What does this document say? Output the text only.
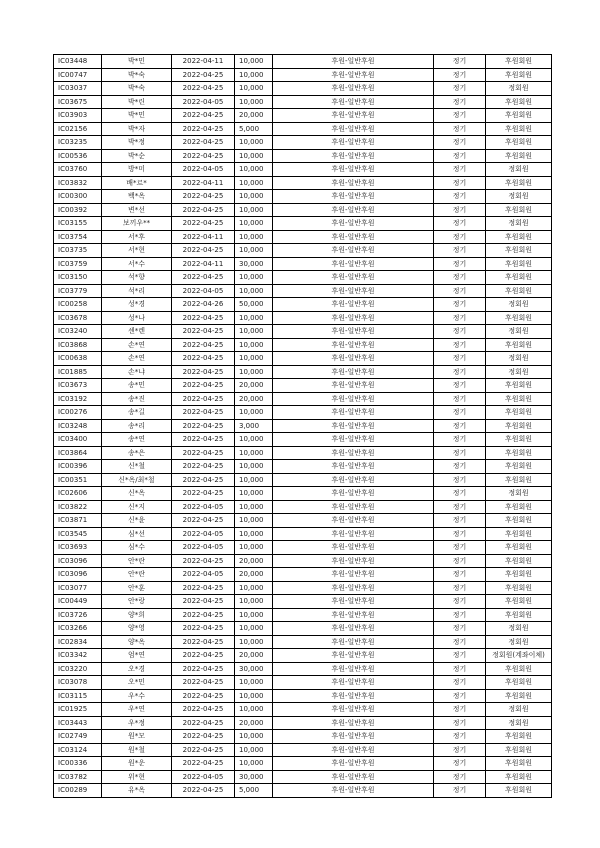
IC03448	박*민	2022-04-11	10,000	후원-일반후원	정기	후원회원
IC00747	박*숙	2022-04-25	10,000	후원-일반후원	정기	후원회원
IC03037	박*숙	2022-04-25	10,000	후원-일반후원	정기	정회원
IC03675	박*린	2022-04-05	10,000	후원-일반후원	정기	후원회원
IC03903	박*민	2022-04-25	20,000	후원-일반후원	정기	후원회원
IC02156	박*자	2022-04-25	5,000	후원-일반후원	정기	후원회원
IC03235	박*정	2022-04-25	10,000	후원-일반후원	정기	후원회원
IC00536	박*순	2022-04-25	10,000	후원-일반후원	정기	후원회원
IC03760	방*미	2022-04-05	10,000	후원-일반후원	정기	정회원
IC03832	배*르*	2022-04-11	10,000	후원-일반후원	정기	후원회원
IC00300	백*옥	2022-04-25	10,000	후원-일반후원	정기	정회원
IC00392	변*선	2022-04-25	10,000	후원-일반후원	정기	후원회원
IC03155	보끼우**	2022-04-25	10,000	후원-일반후원	정기	정회원
IC03754	서*후	2022-04-11	10,000	후원-일반후원	정기	후원회원
IC03735	서*현	2022-04-25	10,000	후원-일반후원	정기	후원회원
IC03759	서*수	2022-04-11	30,000	후원-일반후원	정기	후원회원
IC03150	석*향	2022-04-25	10,000	후원-일반후원	정기	후원회원
IC03779	석*리	2022-04-05	10,000	후원-일반후원	정기	후원회원
IC00258	성*경	2022-04-26	50,000	후원-일반후원	정기	정회원
IC03678	성*나	2022-04-25	10,000	후원-일반후원	정기	후원회원
IC03240	센*렌	2022-04-25	10,000	후원-일반후원	정기	정회원
IC03868	손*연	2022-04-25	10,000	후원-일반후원	정기	후원회원
IC00638	손*연	2022-04-25	10,000	후원-일반후원	정기	정회원
IC01885	손*냐	2022-04-25	10,000	후원-일반후원	정기	정회원
IC03673	송*민	2022-04-25	20,000	후원-일반후원	정기	후원회원
IC03192	송*진	2022-04-25	20,000	후원-일반후원	정기	후원회원
IC00276	송*길	2022-04-25	10,000	후원-일반후원	정기	후원회원
IC03248	송*리	2022-04-25	3,000	후원-일반후원	정기	후원회원
IC03400	송*연	2022-04-25	10,000	후원-일반후원	정기	후원회원
IC03864	송*은	2022-04-25	10,000	후원-일반후원	정기	후원회원
IC00396	신*철	2022-04-25	10,000	후원-일반후원	정기	후원회원
IC00351	신*옥/최*철	2022-04-25	10,000	후원-일반후원	정기	후원회원
IC02606	신*옥	2022-04-25	10,000	후원-일반후원	정기	정회원
IC03822	신*지	2022-04-05	10,000	후원-일반후원	정기	후원회원
IC03871	신*윤	2022-04-25	10,000	후원-일반후원	정기	후원회원
IC03545	심*선	2022-04-05	10,000	후원-일반후원	정기	후원회원
IC03693	심*수	2022-04-05	10,000	후원-일반후원	정기	후원회원
IC03096	안*란	2022-04-25	20,000	후원-일반후원	정기	후원회원
IC03096	안*란	2022-04-05	20,000	후원-일반후원	정기	후원회원
IC03077	안*훈	2022-04-25	10,000	후원-일반후원	정기	후원회원
IC00449	안*랑	2022-04-25	10,000	후원-일반후원	정기	후원회원
IC03726	양*희	2022-04-25	10,000	후원-일반후원	정기	후원회원
IC03266	양*영	2022-04-25	10,000	후원-일반후원	정기	정회원
IC02834	양*옥	2022-04-25	10,000	후원-일반후원	정기	정회원
IC03342	엄*연	2022-04-25	20,000	후원-일반후원	정기	정회원(계좌이체)
IC03220	오*경	2022-04-25	30,000	후원-일반후원	정기	후원회원
IC03078	오*민	2022-04-25	10,000	후원-일반후원	정기	후원회원
IC03115	우*수	2022-04-25	10,000	후원-일반후원	정기	후원회원
IC01925	우*연	2022-04-25	10,000	후원-일반후원	정기	정회원
IC03443	우*정	2022-04-25	20,000	후원-일반후원	정기	정회원
IC02749	원*모	2022-04-25	10,000	후원-일반후원	정기	후원회원
IC03124	원*철	2022-04-25	10,000	후원-일반후원	정기	후원회원
IC00336	원*운	2022-04-25	10,000	후원-일반후원	정기	후원회원
IC03782	위*현	2022-04-05	30,000	후원-일반후원	정기	후원회원
IC00289	유*옥	2022-04-25	5,000	후원-일반후원	정기	후원회원
